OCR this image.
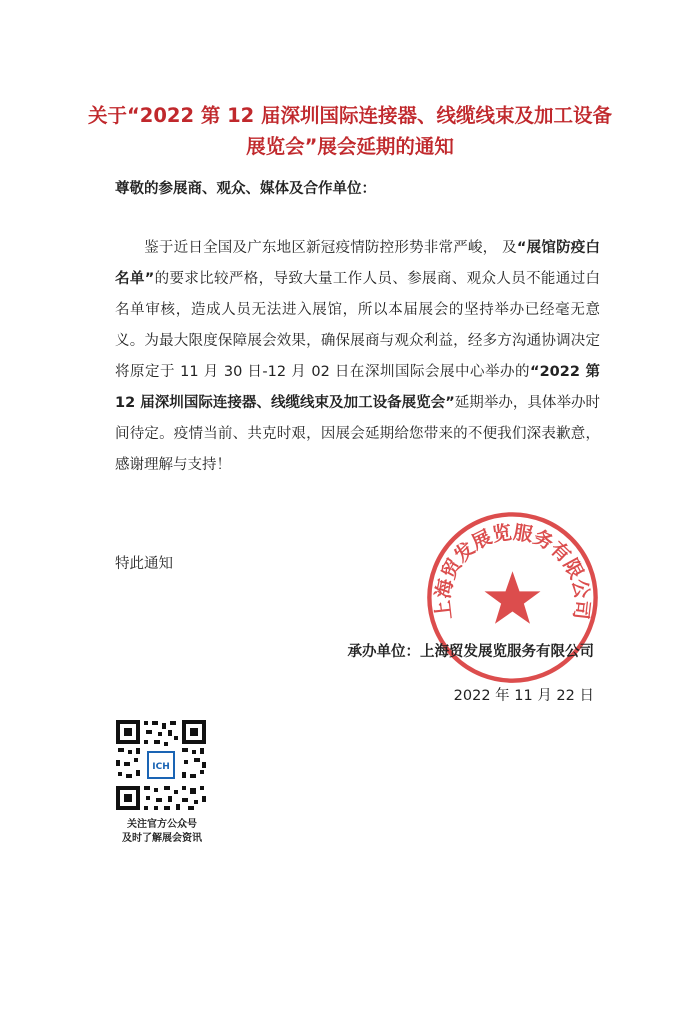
关于“2022 第 12 届深圳国际连接器、线缆线束及加工设备
展览会”展会延期的通知
尊敬的参展商、观众、媒体及合作单位：
鉴于近日全国及广东地区新冠疫情防控形势非常严峻， 及“展馆防疫白名单”的要求比较严格，导致大量工作人员、参展商、观众人员不能通过白名单审核，造成人员无法进入展馆，所以本届展会的坚持举办已经毫无意义。为最大限度保障展会效果，确保展商与观众利益，经多方沟通协调决定将原定于 11 月 30 日-12 月 02 日在深圳国际会展中心举办的“2022 第 12 届深圳国际连接器、线缆线束及加工设备展览会”延期举办，具体举办时间待定。疫情当前、共克时艰，因展会延期给您带来的不便我们深表歉意，感谢理解与支持！
特此通知
上海贸发展览服务有限公司
承办单位：上海贸发展览服务有限公司
2022 年 11 月 22 日
ICH
关注官方公众号
及时了解展会资讯
